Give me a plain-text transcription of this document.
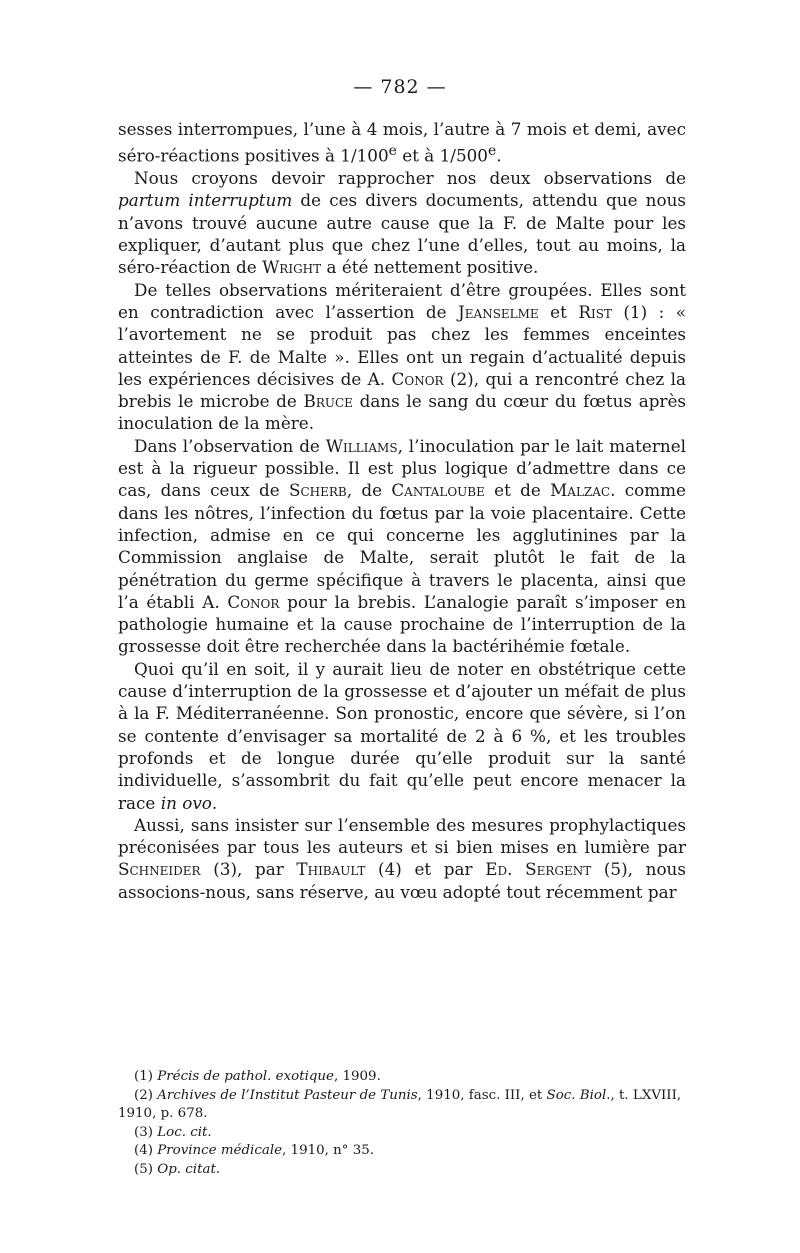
— 782 —

sesses interrompues, l’une à 4 mois, l’autre à 7 mois et demi, avec séro-réactions positives à 1/100e et à 1/500e.

Nous croyons devoir rapprocher nos deux observations de partum interruptum de ces divers documents, attendu que nous n’avons trouvé aucune autre cause que la F. de Malte pour les expliquer, d’autant plus que chez l’une d’elles, tout au moins, la séro-réaction de Wright a été nettement positive.

De telles observations mériteraient d’être groupées. Elles sont en contradiction avec l’assertion de Jeanselme et Rist (1) : « l’avortement ne se produit pas chez les femmes enceintes atteintes de F. de Malte ». Elles ont un regain d’actualité depuis les expériences décisives de A. Conor (2), qui a rencontré chez la brebis le microbe de Bruce dans le sang du cœur du fœtus après inoculation de la mère.

Dans l’observation de Williams, l’inoculation par le lait maternel est à la rigueur possible. Il est plus logique d’admettre dans ce cas, dans ceux de Scherb, de Cantaloube et de Malzac. comme dans les nôtres, l’infection du fœtus par la voie placentaire. Cette infection, admise en ce qui concerne les agglutinines par la Commission anglaise de Malte, serait plutôt le fait de la pénétration du germe spécifique à travers le placenta, ainsi que l’a établi A. Conor pour la brebis. L’analogie paraît s’imposer en pathologie humaine et la cause prochaine de l’interruption de la grossesse doit être recherchée dans la bactérihémie fœtale.

Quoi qu’il en soit, il y aurait lieu de noter en obstétrique cette cause d’interruption de la grossesse et d’ajouter un méfait de plus à la F. Méditerranéenne. Son pronostic, encore que sévère, si l’on se contente d’envisager sa mortalité de 2 à 6 %, et les troubles profonds et de longue durée qu’elle produit sur la santé individuelle, s’assombrit du fait qu’elle peut encore menacer la race in ovo.

Aussi, sans insister sur l’ensemble des mesures prophylactiques préconisées par tous les auteurs et si bien mises en lumière par Schneider (3), par Thibault (4) et par Ed. Sergent (5), nous associons-nous, sans réserve, au vœu adopté tout récemment par

(1) Précis de pathol. exotique, 1909.

(2) Archives de l’Institut Pasteur de Tunis, 1910, fasc. III, et Soc. Biol., t. LXVIII, 1910, p. 678.

(3) Loc. cit.

(4) Province médicale, 1910, n° 35.

(5) Op. citat.
